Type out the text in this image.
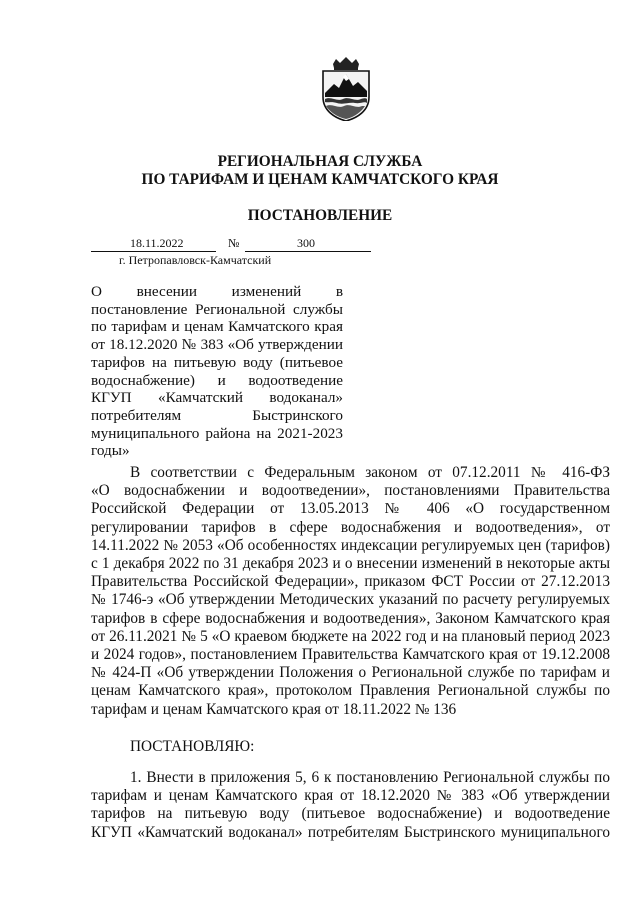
РЕГИОНАЛЬНАЯ СЛУЖБА
ПО ТАРИФАМ И ЦЕНАМ КАМЧАТСКОГО КРАЯ
ПОСТАНОВЛЕНИЕ
18.11.2022	№	300
г. Петропавловск-Камчатский
О внесении изменений в
постановление Региональной службы
по тарифам и ценам Камчатского края
от 18.12.2020 № 383 «Об утверждении
тарифов на питьевую воду (питьевое
водоснабжение) и водоотведение
КГУП «Камчатский водоканал»
потребителям Быстринского
муниципального района на 2021-2023
годы»
В соответствии с Федеральным законом от 07.12.2011 № 416-ФЗ
«О водоснабжении и водоотведении», постановлениями Правительства
Российской Федерации от 13.05.2013 № 406 «О государственном
регулировании тарифов в сфере водоснабжения и водоотведения», от
14.11.2022 № 2053 «Об особенностях индексации регулируемых цен (тарифов)
с 1 декабря 2022 по 31 декабря 2023 и о внесении изменений в некоторые акты
Правительства Российской Федерации», приказом ФСТ России от 27.12.2013
№ 1746-э «Об утверждении Методических указаний по расчету регулируемых
тарифов в сфере водоснабжения и водоотведения», Законом Камчатского края
от 26.11.2021 № 5 «О краевом бюджете на 2022 год и на плановый период 2023
и 2024 годов», постановлением Правительства Камчатского края от 19.12.2008
№ 424-П «Об утверждении Положения о Региональной службе по тарифам и
ценам Камчатского края», протоколом Правления Региональной службы по
тарифам и ценам Камчатского края от 18.11.2022 № 136
ПОСТАНОВЛЯЮ:
1. Внести в приложения 5, 6 к постановлению Региональной службы по
тарифам и ценам Камчатского края от 18.12.2020 № 383 «Об утверждении
тарифов на питьевую воду (питьевое водоснабжение) и водоотведение
КГУП «Камчатский водоканал» потребителям Быстринского муниципального
